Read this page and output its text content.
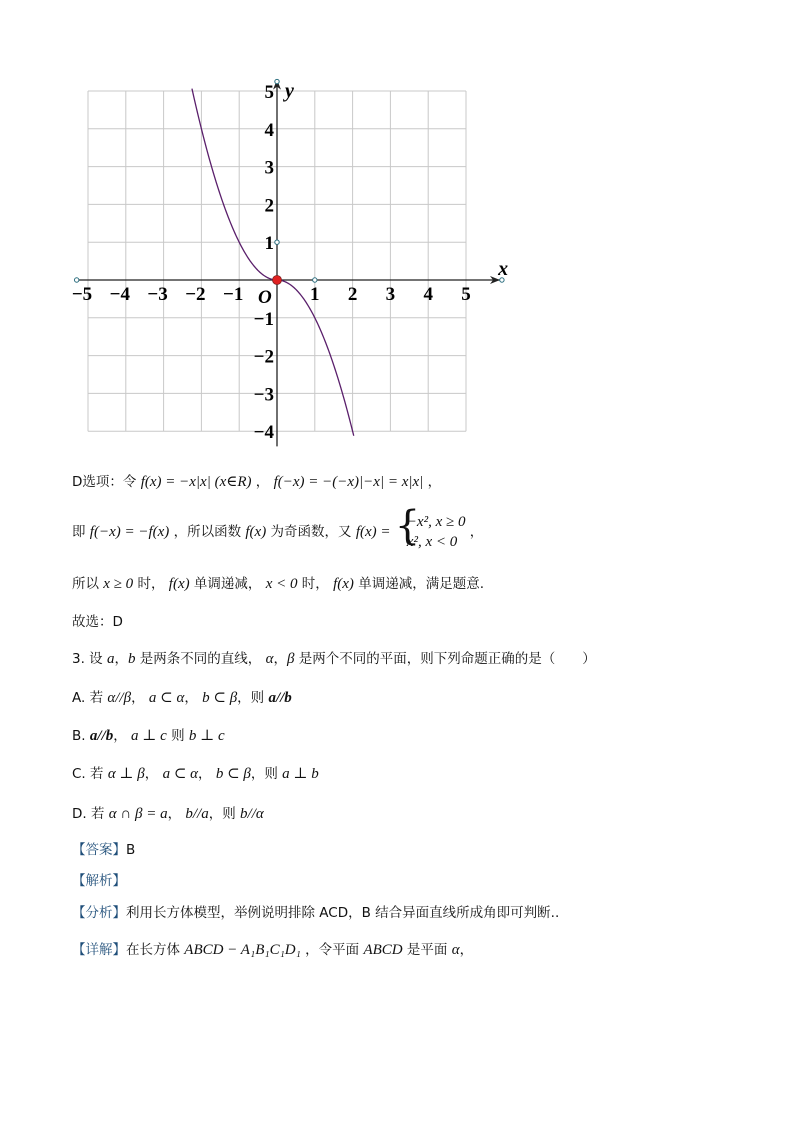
−5 −4 −3 −2 −1	1 2 3 4 5
5
4
3
2
1
−1
−2
−3
−4
x
y
O
D选项：令 f(x) = −x|x| (x∈R) ， f(−x) = −(−x)|−x| = x|x| ，
即 f(−x) = −f(x) ，所以函数 f(x) 为奇函数，又 f(x) = {
−x², x ≥ 0
x², x < 0
，
所以 x ≥ 0 时， f(x) 单调递减， x < 0 时， f(x) 单调递减，满足题意.
故选：D
3. 设 a，b 是两条不同的直线， α，β 是两个不同的平面，则下列命题正确的是（　　）
A. 若 α//β， a ⊂ α， b ⊂ β，则 a//b
B. a//b， a ⊥ c 则 b ⊥ c
C. 若 α ⊥ β， a ⊂ α， b ⊂ β，则 a ⊥ b
D. 若 α ∩ β = a， b//a，则 b//α
【答案】B
【解析】
【分析】利用长方体模型，举例说明排除 ACD，B 结合异面直线所成角即可判断..
【详解】在长方体 ABCD − A₁B₁C₁D₁ ，令平面 ABCD 是平面 α，
